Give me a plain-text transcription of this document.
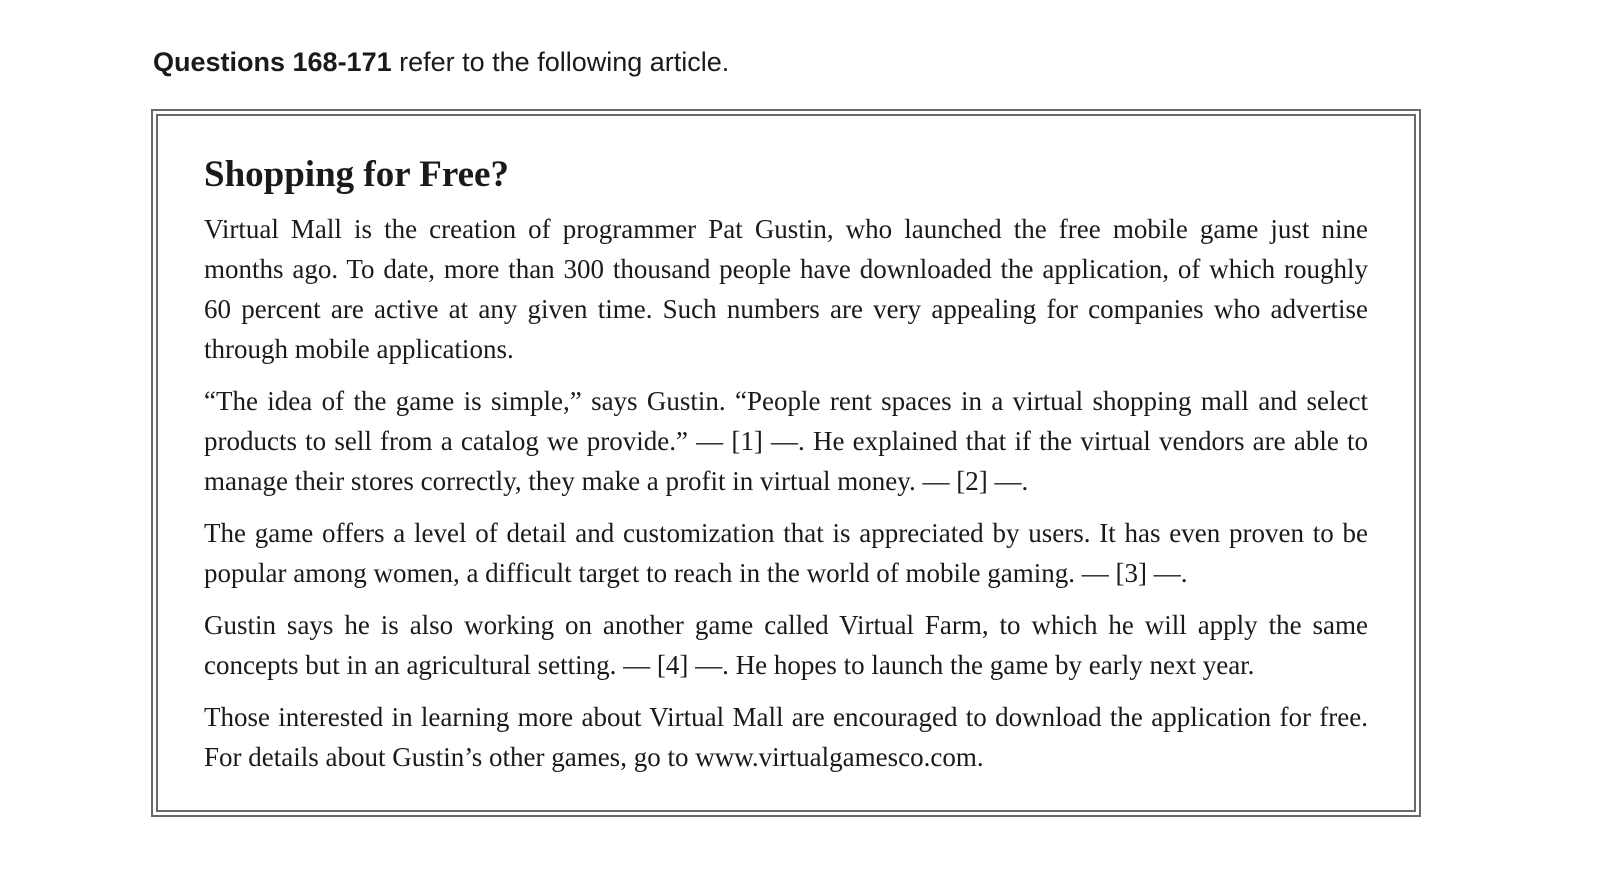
Questions 168-171 refer to the following article.
Shopping for Free?

Virtual Mall is the creation of programmer Pat Gustin, who launched the free mobile game just nine months ago. To date, more than 300 thousand people have downloaded the application, of which roughly 60 percent are active at any given time. Such numbers are very appealing for companies who advertise through mobile applications.

“The idea of the game is simple,” says Gustin. “People rent spaces in a virtual shopping mall and select products to sell from a catalog we provide.” — [1] —. He explained that if the virtual vendors are able to manage their stores correctly, they make a profit in virtual money. — [2] —.

The game offers a level of detail and customization that is appreciated by users. It has even proven to be popular among women, a difficult target to reach in the world of mobile gaming. — [3] —.

Gustin says he is also working on another game called Virtual Farm, to which he will apply the same concepts but in an agricultural setting. — [4] —. He hopes to launch the game by early next year.

Those interested in learning more about Virtual Mall are encouraged to download the application for free. For details about Gustin’s other games, go to www.virtualgamesco.com.
